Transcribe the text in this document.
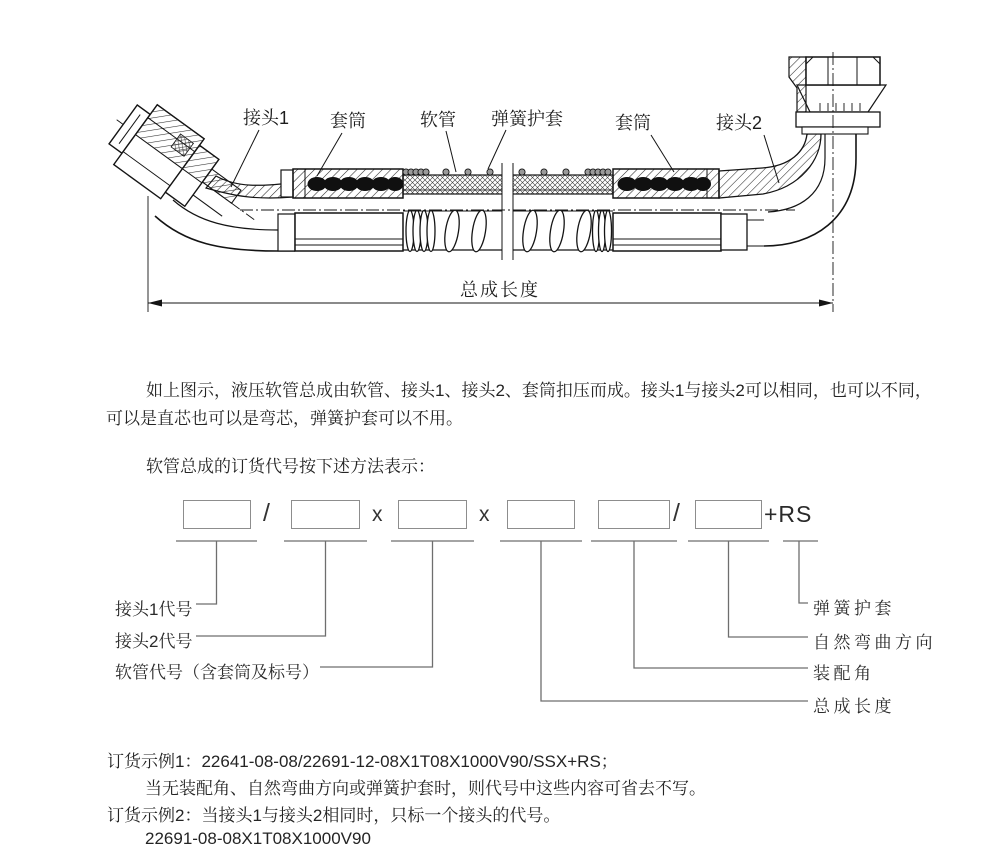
接头1 套筒	软管 弹簧护套	套筒	接头2
总成长度
如上图示，液压软管总成由软管、接头1、接头2、套筒扣压而成。接头1与接头2可以相同，也可以不同，可以是直芯也可以是弯芯，弹簧护套可以不用。
软管总成的订货代号按下述方法表示：
/	x	x	/	+RS
接头1代号
接头2代号
软管代号（含套筒及标号）
弹簧护套
自然弯曲方向
装配角
总成长度
订货示例1：22641-08-08/22691-12-08X1T08X1000V90/SSX+RS；
当无装配角、自然弯曲方向或弹簧护套时，则代号中这些内容可省去不写。
订货示例2：当接头1与接头2相同时，只标一个接头的代号。
22691-08-08X1T08X1000V90
